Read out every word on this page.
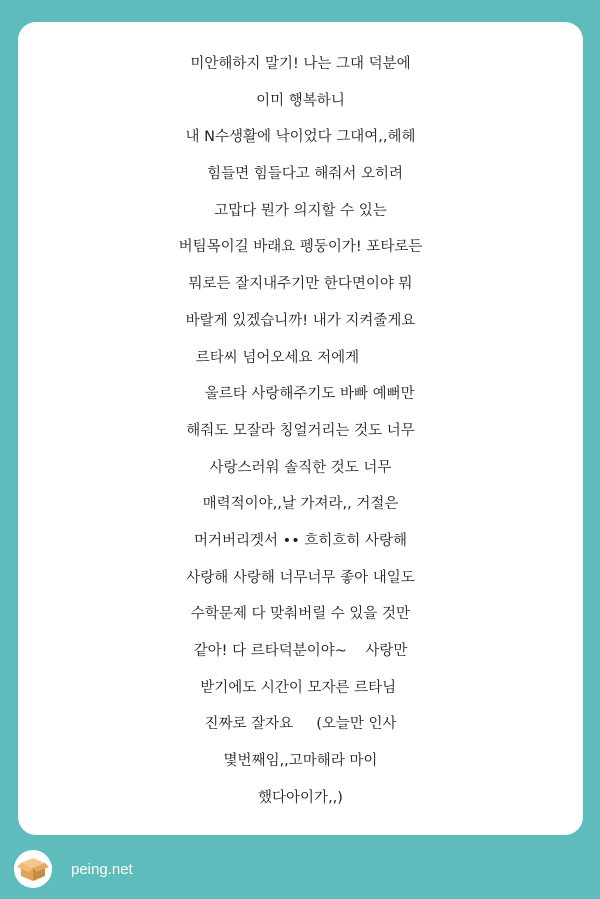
미안해하지 말기! 나는 그대 덕분에
이미 행복하니
내 N수생활에 낙이었다 그대여,,헤헤
힘들면 힘들다고 해줘서 오히려
고맙다 뭔가 의지할 수 있는
버팀목이길 바래요 펭둥이가! 포타로든
뭐로든 잘지내주기만 한다면이야 뭐
바랄게 있겠습니까! 내가 지켜줄게요
르타씨 넘어오세요 저에게
울르타 사랑해주기도 바빠 예뻐만
해줘도 모잘라 칭얼거리는 것도 너무
사랑스러워 솔직한 것도 너무
매력적이야,,날 가져라,, 거절은
머거버리겟서 •• 흐히흐히 사랑해
사랑해 사랑해 너무너무 좋아 내일도
수학문제 다 맞춰버릴 수 있을 것만
같아! 다 르타덕분이야~    사랑만
받기에도 시간이 모자른 르타님
진짜로 잘자요     (오늘만 인사
몇번째임,,고마해라 마이
했다아이가,,)
peing.net
